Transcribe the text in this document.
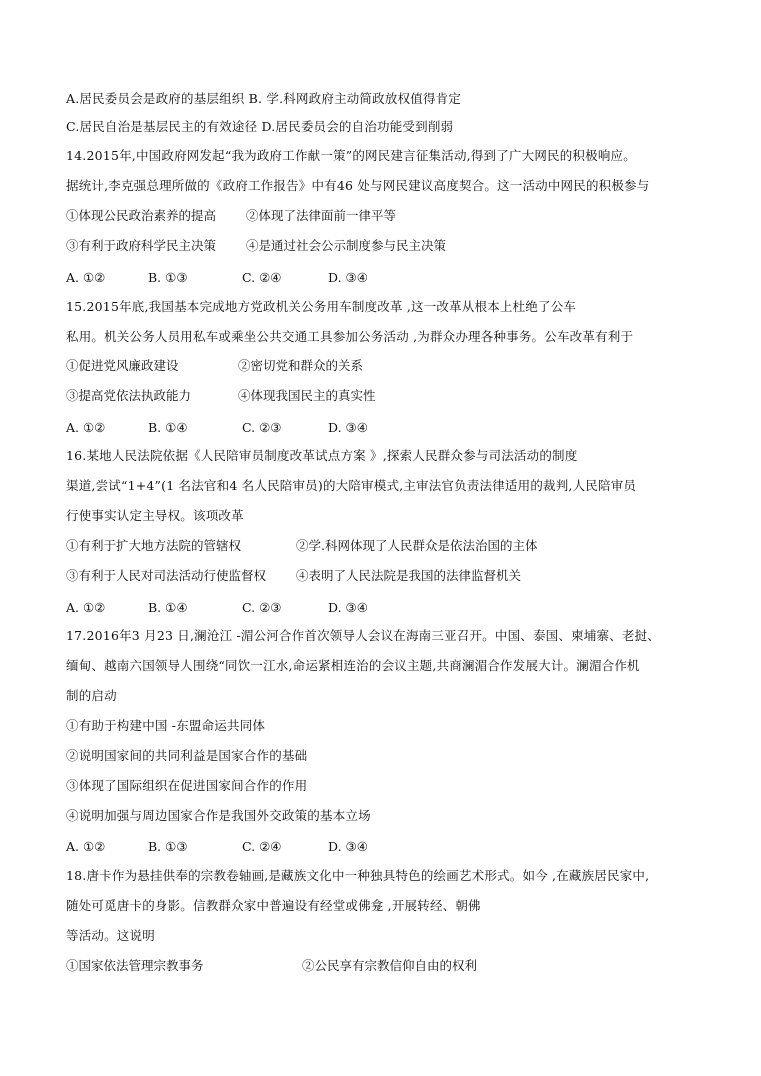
A.居民委员会是政府的基层组织 B. 学.科网政府主动简政放权值得肯定
C.居民自治是基层民主的有效途径 D.居民委员会的自治功能受到削弱
14.2015年,中国政府网发起“我为政府工作献一策”的网民建言征集活动,得到了广大网民的积极响应。
据统计,李克强总理所做的《政府工作报告》中有46 处与网民建议高度契合。这一活动中网民的积极参与
①体现公民政治素养的提高 ②体现了法律面前一律平等
③有利于政府科学民主决策 ④是通过社会公示制度参与民主决策
A. ①②	B. ①③	C. ②④	D. ③④
15.2015年底,我国基本完成地方党政机关公务用车制度改革 ,这一改革从根本上杜绝了公车
私用。机关公务人员用私车或乘坐公共交通工具参加公务活动 ,为群众办理各种事务。公车改革有利于
①促进党风廉政建设	②密切党和群众的关系
③提高党依法执政能力	④体现我国民主的真实性
A. ①②	B. ①④	C. ②③	D. ③④
16.某地人民法院依据《人民陪审员制度改革试点方案 》,探索人民群众参与司法活动的制度
渠道,尝试“1+4”(1 名法官和4 名人民陪审员)的大陪审模式,主审法官负责法律适用的裁判,人民陪审员
行使事实认定主导权。该项改革
①有利于扩大地方法院的管辖权	②学.科网体现了人民群众是依法治国的主体
③有利于人民对司法活动行使监督权 ④表明了人民法院是我国的法律监督机关
A. ①②	B. ①④	C. ②③	D. ③④
17.2016年3 月23 日,澜沧江 -湄公河合作首次领导人会议在海南三亚召开。中国、泰国、柬埔寨、老挝、
缅甸、越南六国领导人围绕“同饮一江水,命运紧相连治的会议主题,共商澜湄合作发展大计。澜湄合作机
制的启动
①有助于构建中国 -东盟命运共同体
②说明国家间的共同利益是国家合作的基础
③体现了国际组织在促进国家间合作的作用
④说明加强与周边国家合作是我国外交政策的基本立场
A. ①②	B. ①③	C. ②④	D. ③④
18.唐卡作为悬挂供奉的宗教卷轴画,是藏族文化中一种独具特色的绘画艺术形式。如今 ,在藏族居民家中,
随处可觅唐卡的身影。信教群众家中普遍设有经堂或佛龛 ,开展转经、朝佛
等活动。这说明
①国家依法管理宗教事务	②公民享有宗教信仰自由的权利
